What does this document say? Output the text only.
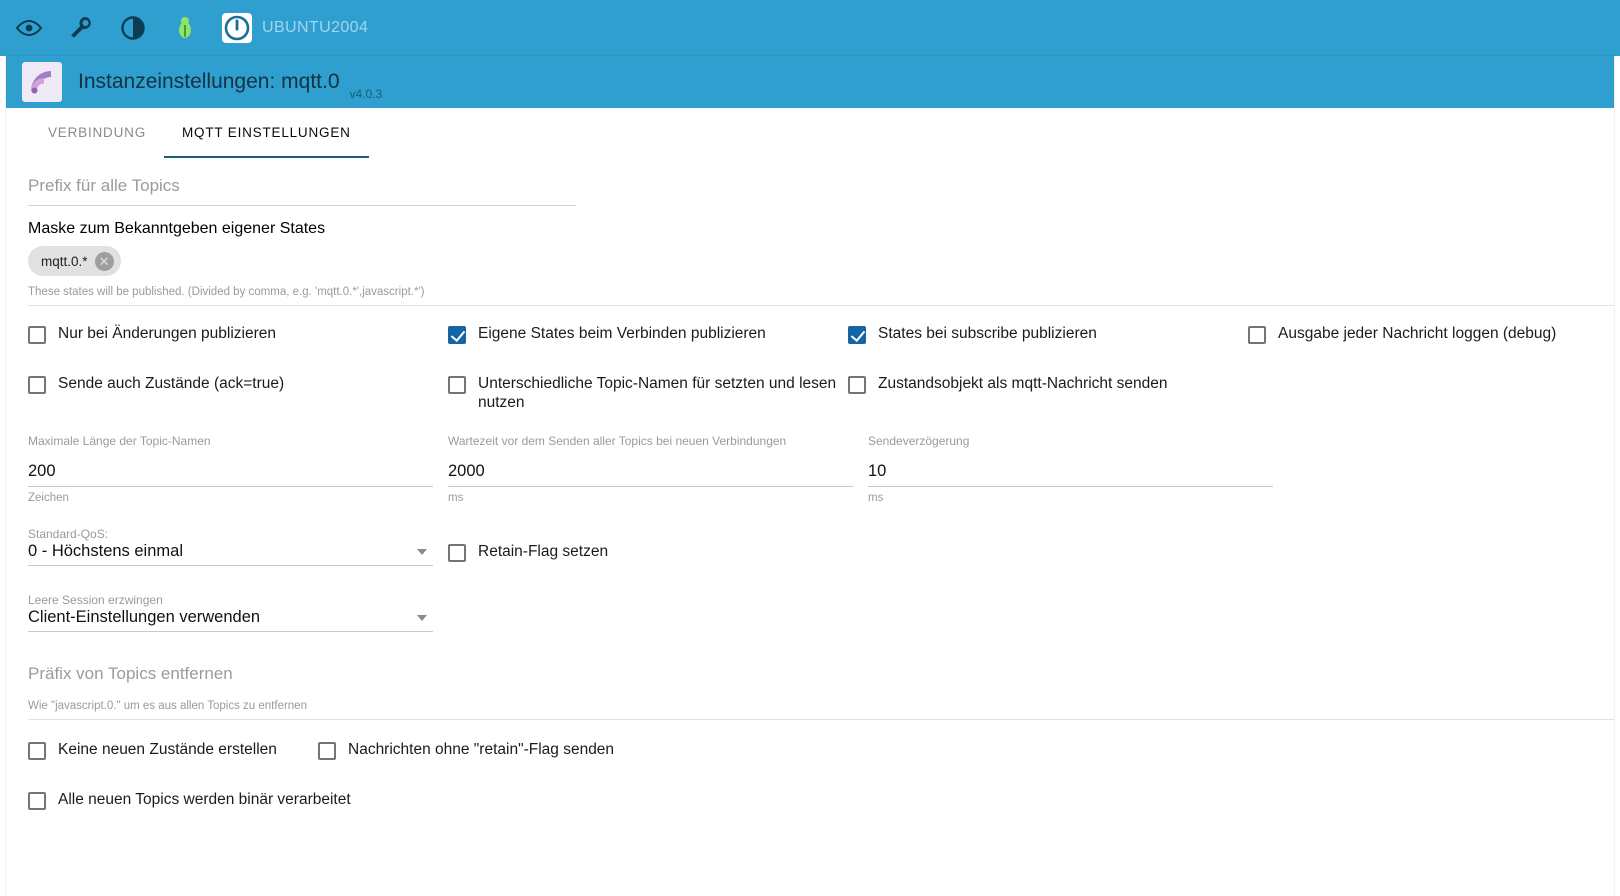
UBUNTU2004
Instanzeinstellungen: mqtt.0
v4.0.3
VERBINDUNG	MQTT EINSTELLUNGEN
Prefix für alle Topics
Maske zum Bekanntgeben eigener States
mqtt.0.* ✕
These states will be published. (Divided by comma, e.g. 'mqtt.0.*',javascript.*')
Nur bei Änderungen publizieren	Eigene States beim Verbinden publizieren	States bei subscribe publizieren	Ausgabe jeder Nachricht loggen (debug)
Sende auch Zustände (ack=true)	Unterschiedliche Topic-Namen für setzten und lesen nutzen
Zustandsobjekt als mqtt-Nachricht senden
Maximale Länge der Topic-Namen
200
Zeichen
Wartezeit vor dem Senden aller Topics bei neuen Verbindungen
2000
ms
Sendeverzögerung
10
ms
Standard-QoS:
0 - Höchstens einmal
Leere Session erzwingen
Client-Einstellungen verwenden
Retain-Flag setzen
Präfix von Topics entfernen
Wie "javascript.0." um es aus allen Topics zu entfernen
Keine neuen Zustände erstellen	Nachrichten ohne "retain"-Flag senden
Alle neuen Topics werden binär verarbeitet
